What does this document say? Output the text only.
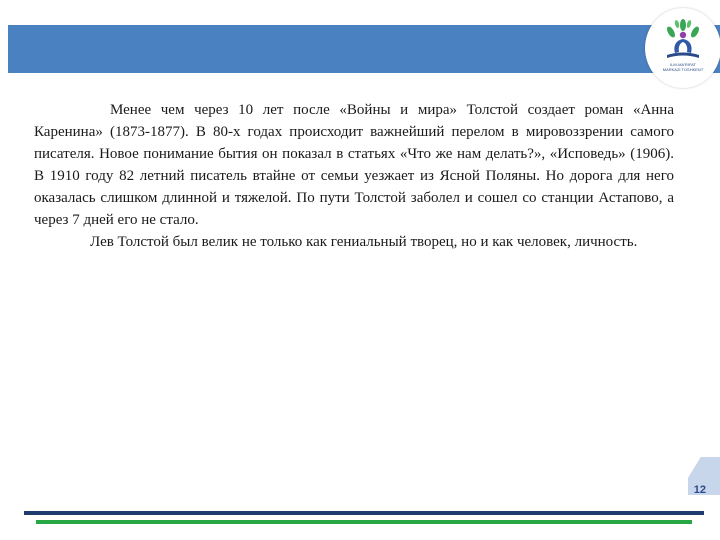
ILM-MA'RIFAT
MARKAZI TOSHKENT

Менее чем через 10 лет после «Войны и мира» Толстой создает роман «Анна Каренина» (1873-1877). В 80-х годах происходит важнейший перелом в мировоззрении самого писателя. Новое понимание бытия он показал в статьях «Что же нам делать?», «Исповедь» (1906). В 1910 году 82 летний писатель втайне от семьи уезжает из Ясной Поляны. Но дорога для него оказалась слишком длинной и тяжелой. По пути Толстой заболел и сошел со станции Астапово, а через 7 дней его не стало.

Лев Толстой был велик не только как гениальный творец, но и как человек, личность.

12
